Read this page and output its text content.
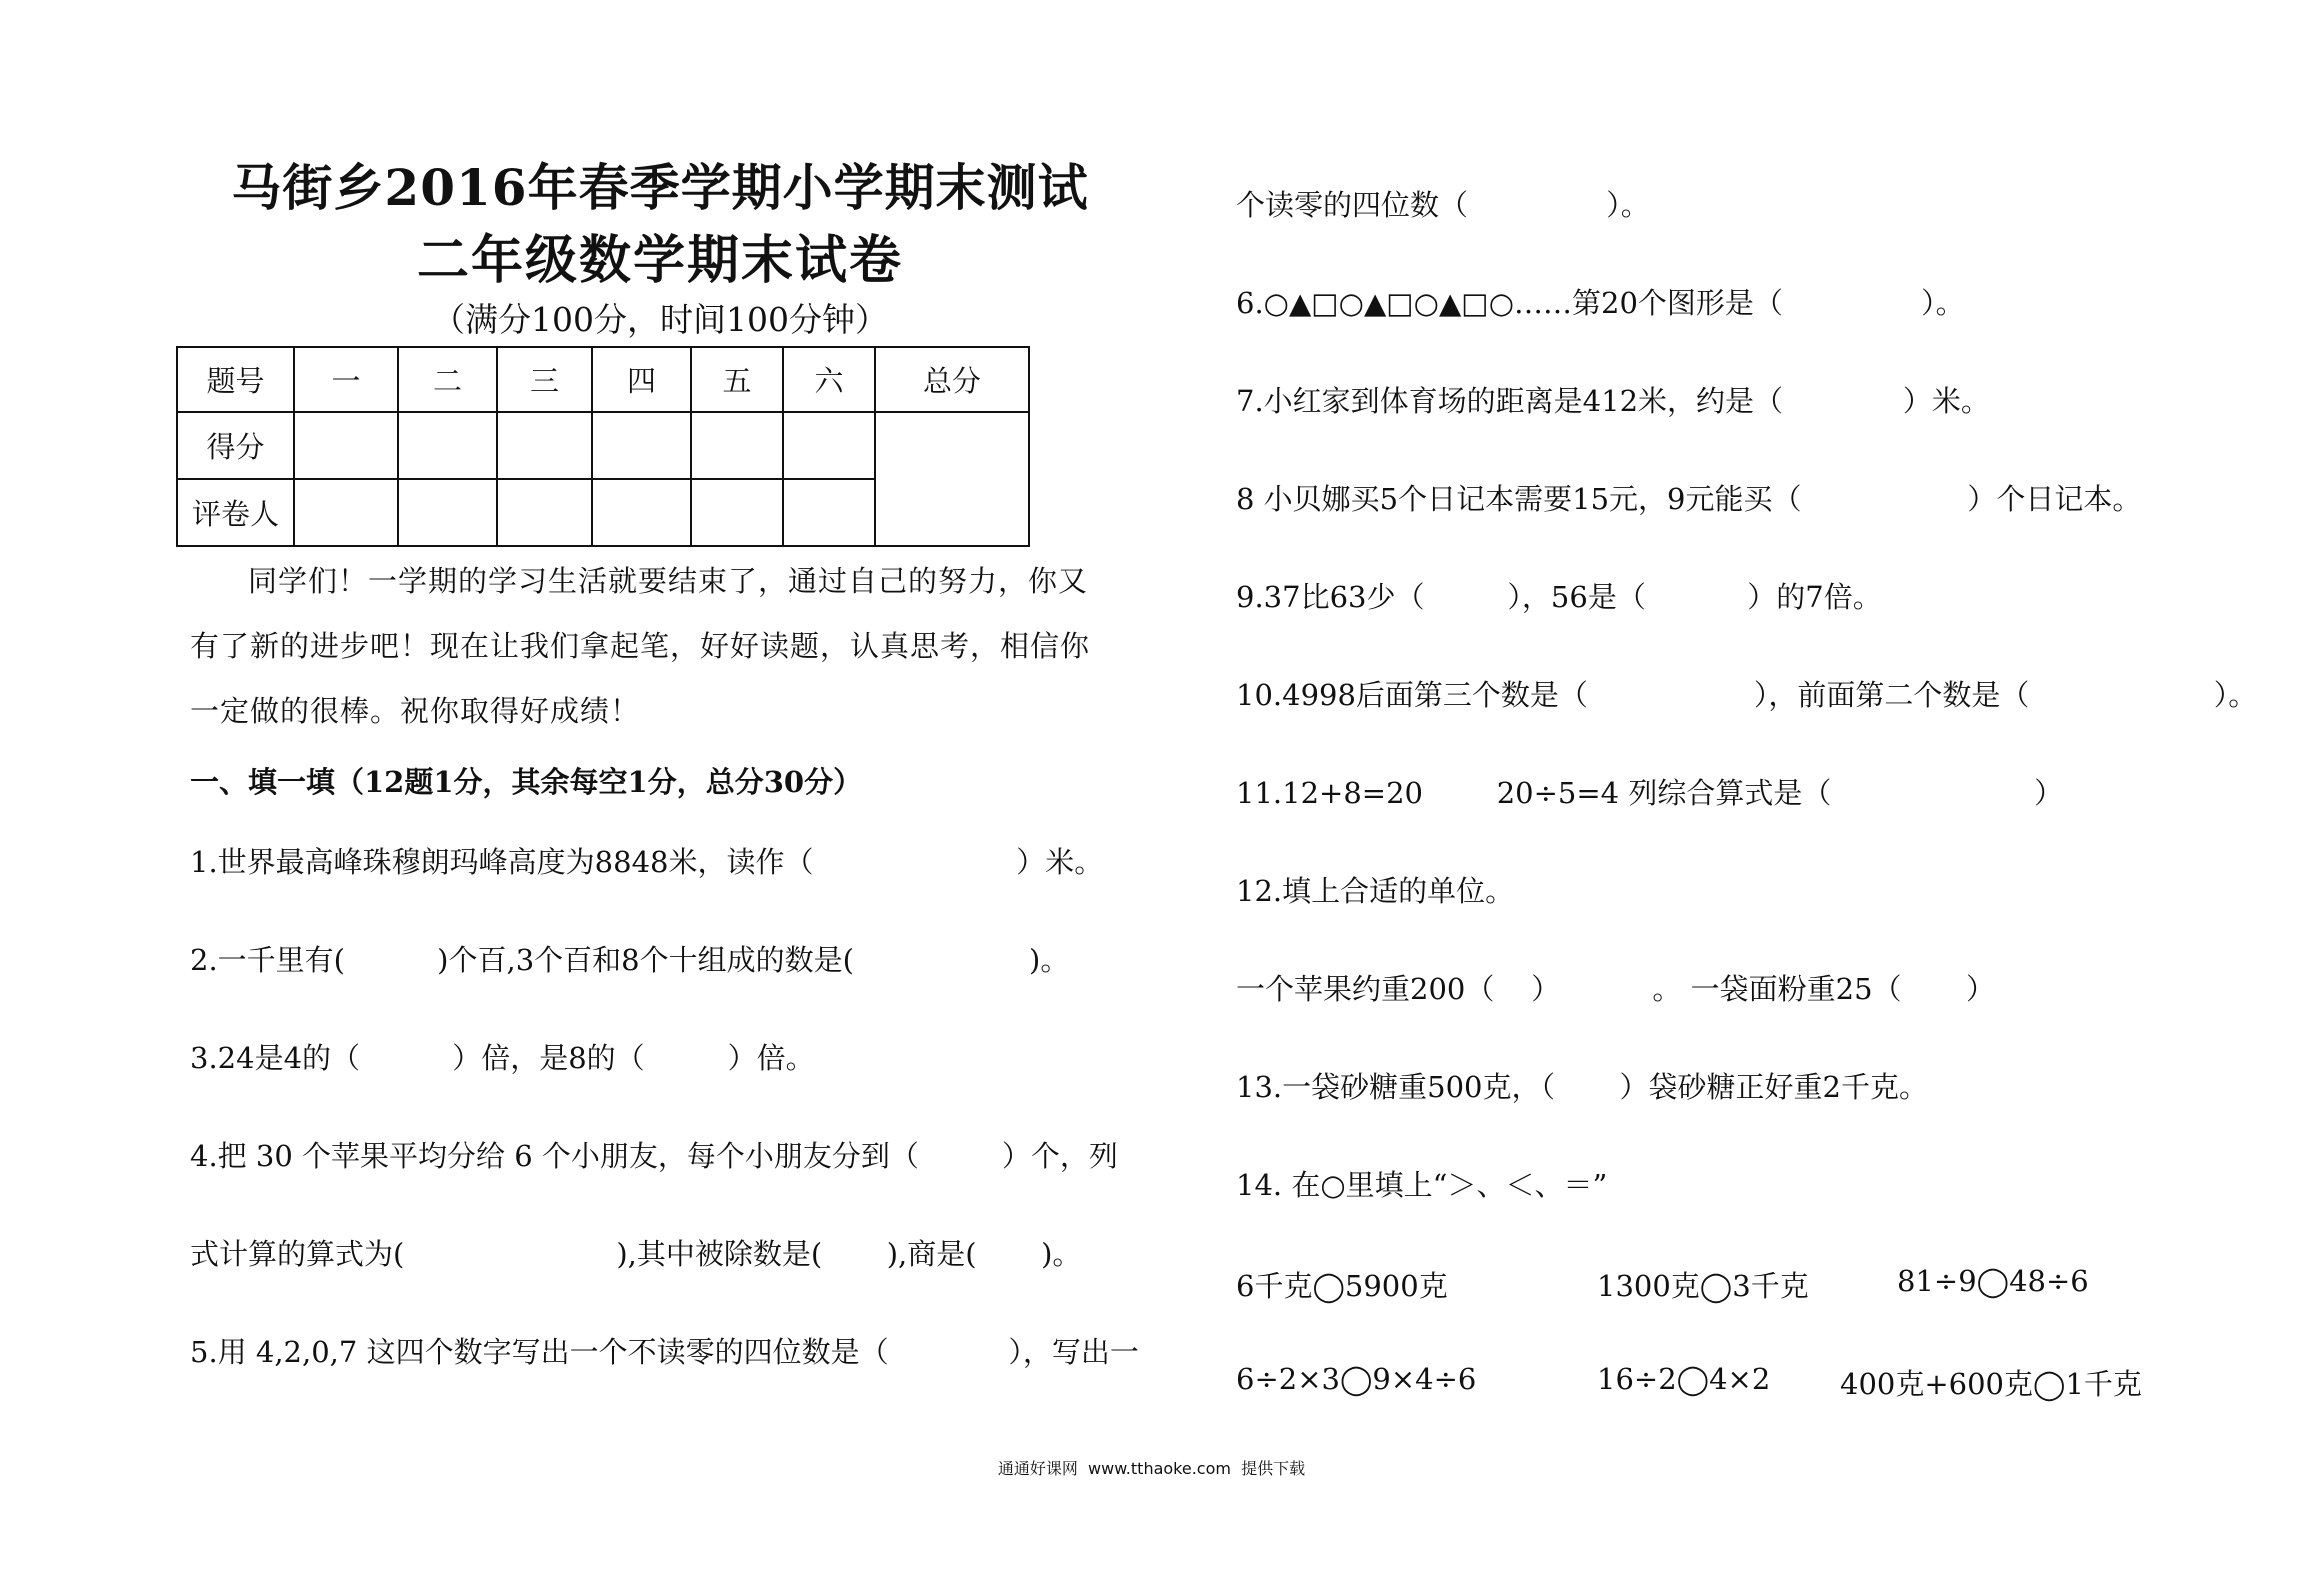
马街乡2016年春季学期小学期末测试
二年级数学期末试卷
（满分100分，时间100分钟）
题号	一	二	三	四	五	六	总分
得分							
评卷人							
同学们！一学期的学习生活就要结束了，通过自己的努力，你又有了新的进步吧！现在让我们拿起笔，好好读题，认真思考，相信你一定做的很棒。祝你取得好成绩！
一、填一填（12题1分，其余每空1分，总分30分）
1.世界最高峰珠穆朗玛峰高度为8848米，读作（                      ）米。
2.一千里有(          )个百,3个百和8个十组成的数是(                   )。
3.24是4的（          ）倍，是8的（         ）倍。
4.把 30 个苹果平均分给 6 个小朋友，每个小朋友分到（         ）个，列
式计算的算式为(                       ),其中被除数是(       ),商是(       )。
5.用 4,2,0,7 这四个数字写出一个不读零的四位数是（             ），写出一
个读零的四位数（               ）。
6.○▲□○▲□○▲□○……第20个图形是（               ）。
7.小红家到体育场的距离是412米，约是（             ）米。
8 小贝娜买5个日记本需要15元，9元能买（                  ）个日记本。
9.37比63少（         ），56是（           ）的7倍。
10.4998后面第三个数是（                  ），前面第二个数是（                    ）。
11.12+8=20        20÷5=4 列综合算式是（                      ）
12.填上合适的单位。
一个苹果约重200（    ）          。 一袋面粉重25（       ）
13.一袋砂糖重500克，（       ）袋砂糖正好重2千克。
14. 在○里填上“＞、＜、＝”
6千克◯5900克	1300克◯3千克	81÷9◯48÷6
6÷2×3◯9×4÷6	16÷2◯4×2 400克+600克◯1千克
通通好课网  www.tthaoke.com  提供下载
